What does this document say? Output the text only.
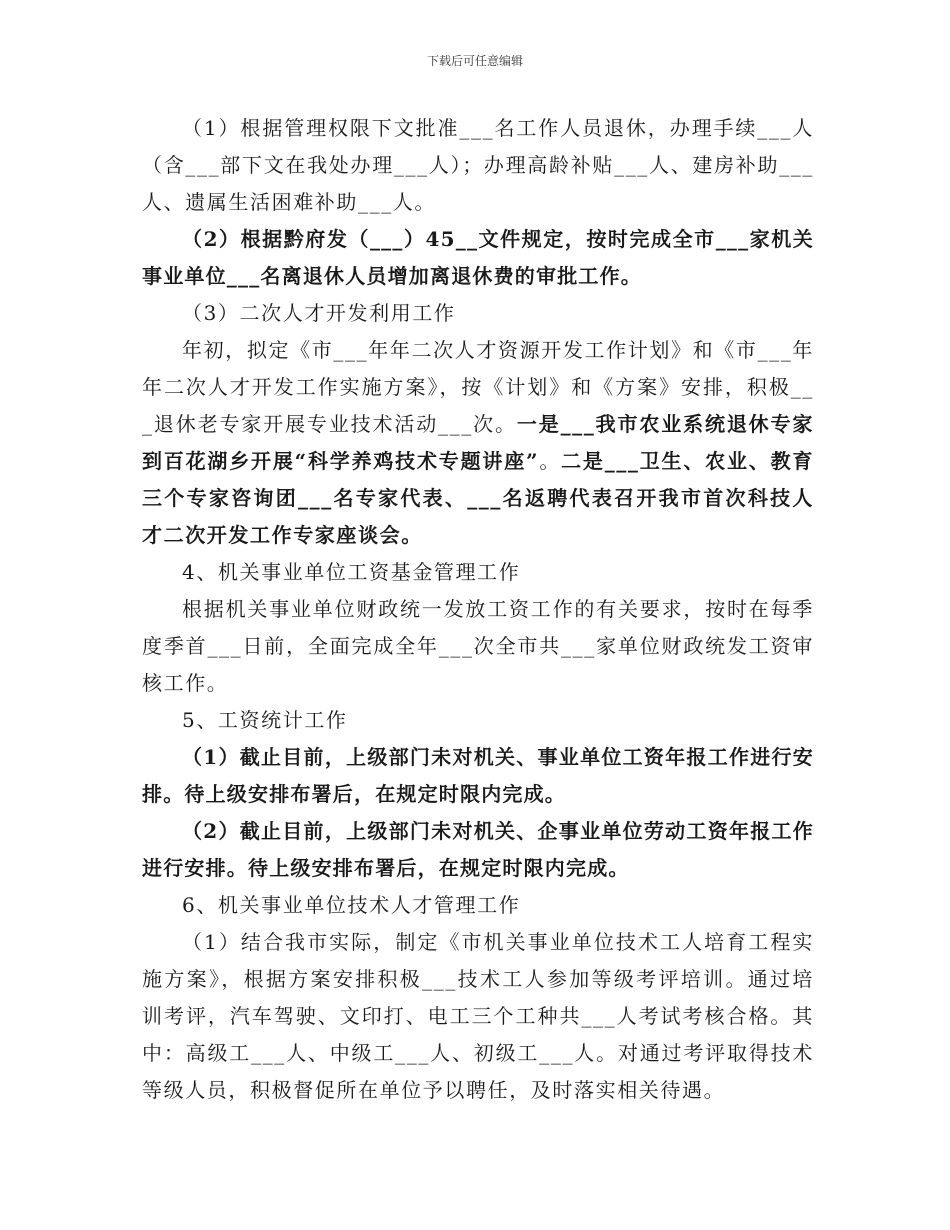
下载后可任意编辑

（1）根据管理权限下文批准___名工作人员退休，办理手续___人（含___部下文在我处办理___人）；办理高龄补贴___人、建房补助___人、遗属生活困难补助___人。

（2）根据黔府发（___）45__文件规定，按时完成全市___家机关事业单位___名离退休人员增加离退休费的审批工作。

（3）二次人才开发利用工作

年初，拟定《市___年年二次人才资源开发工作计划》和《市___年年二次人才开发工作实施方案》，按《计划》和《方案》安排，积极___退休老专家开展专业技术活动___次。一是___我市农业系统退休专家到百花湖乡开展“科学养鸡技术专题讲座”。二是___卫生、农业、教育三个专家咨询团___名专家代表、___名返聘代表召开我市首次科技人才二次开发工作专家座谈会。

4、机关事业单位工资基金管理工作

根据机关事业单位财政统一发放工资工作的有关要求，按时在每季度季首___日前，全面完成全年___次全市共___家单位财政统发工资审核工作。

5、工资统计工作

（1）截止目前，上级部门未对机关、事业单位工资年报工作进行安排。待上级安排布署后，在规定时限内完成。

（2）截止目前，上级部门未对机关、企事业单位劳动工资年报工作进行安排。待上级安排布署后，在规定时限内完成。

6、机关事业单位技术人才管理工作

（1）结合我市实际，制定《市机关事业单位技术工人培育工程实施方案》，根据方案安排积极___技术工人参加等级考评培训。通过培训考评，汽车驾驶、文印打、电工三个工种共___人考试考核合格。其中：高级工___人、中级工___人、初级工___人。对通过考评取得技术等级人员，积极督促所在单位予以聘任，及时落实相关待遇。
